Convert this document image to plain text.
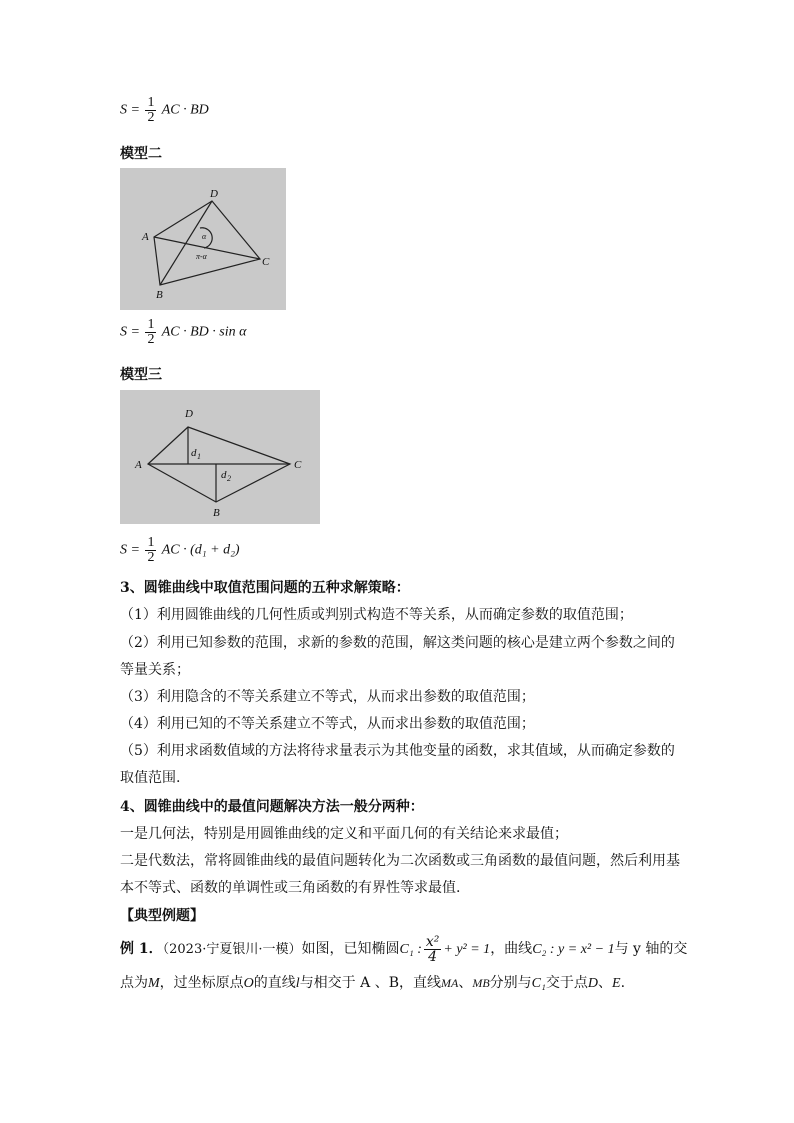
$S = \frac{1}{2}$ AC · BD
模型二
D
A
C
B
α
π-α
$S = \frac{1}{2}$ AC · BD · sin α
模型三
D
A	C
B
d 1
d 2
$S = \frac{1}{2}$ AC · (d₁ + d₂)
3、圆锥曲线中取值范围问题的五种求解策略：
（1）利用圆锥曲线的几何性质或判别式构造不等关系，从而确定参数的取值范围；
（2）利用已知参数的范围，求新的参数的范围，解这类问题的核心是建立两个参数之间的
等量关系；
（3）利用隐含的不等关系建立不等式，从而求出参数的取值范围；
（4）利用已知的不等关系建立不等式，从而求出参数的取值范围；
（5）利用求函数值域的方法将待求量表示为其他变量的函数，求其值域，从而确定参数的
取值范围.
4、圆锥曲线中的最值问题解决方法一般分两种：
一是几何法，特别是用圆锥曲线的定义和平面几何的有关结论来求最值；
二是代数法，常将圆锥曲线的最值问题转化为二次函数或三角函数的最值问题，然后利用基
本不等式、函数的单调性或三角函数的有界性等求最值.
【典型例题】
例 1．（2023·宁夏银川·一模）如图，已知椭圆C₁ : $\frac{\text{x²}}{4} + y^2 = 1$，曲线C₂ : y = x² − 1与 y 轴的交
点为M，过坐标原点O的直线l与相交于 A 、B，直线MA、MB分别与C₁交于点D、E.
